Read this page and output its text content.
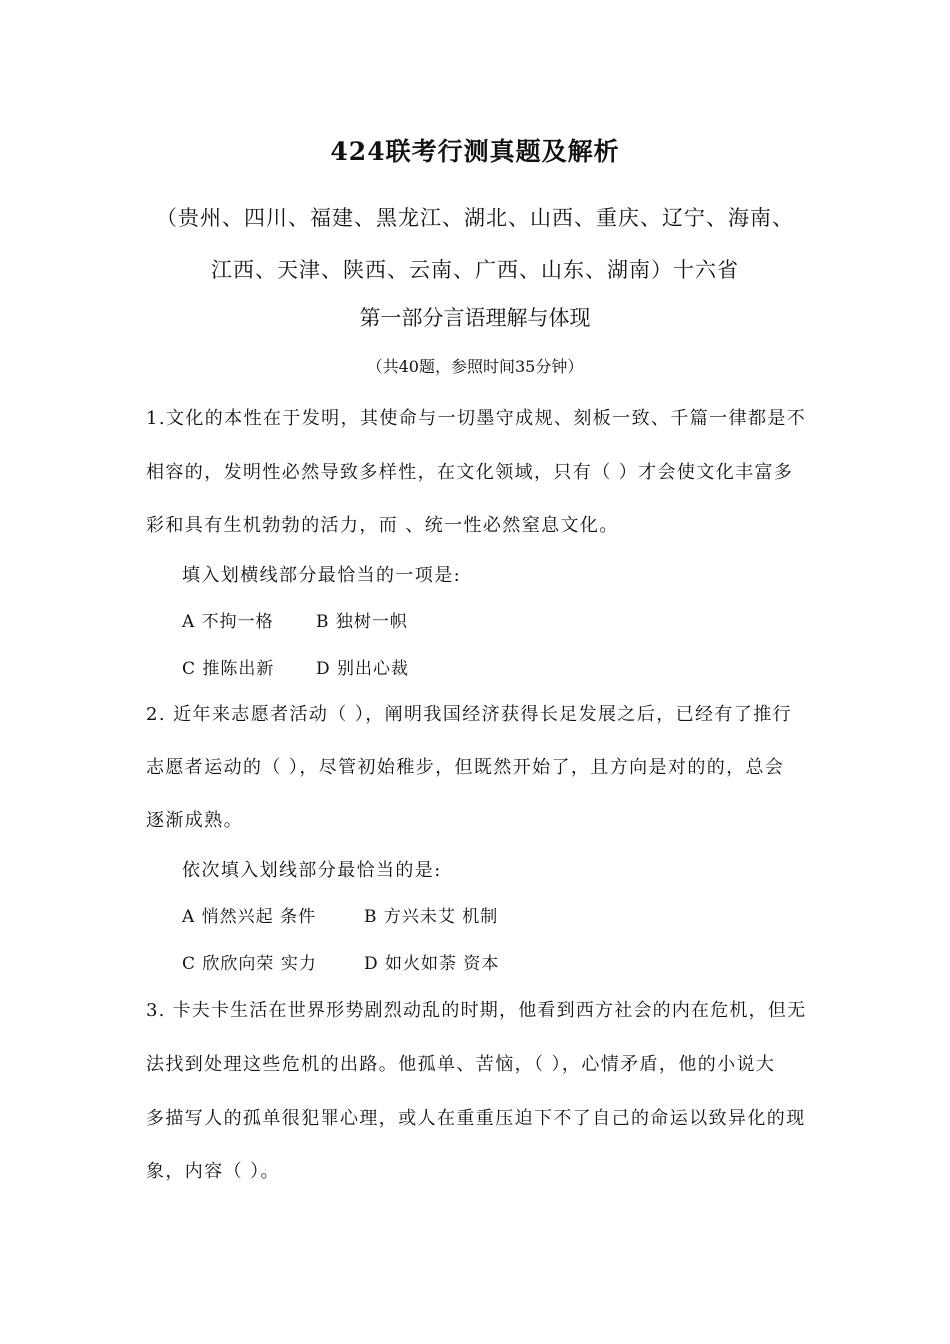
424联考行测真题及解析
（贵州、四川、福建、黑龙江、湖北、山西、重庆、辽宁、海南、
江西、天津、陕西、云南、广西、山东、湖南）十六省
第一部分言语理解与体现
（共40题，参照时间35分钟）
1.文化的本性在于发明，其使命与一切墨守成规、刻板一致、千篇一律都是不
相容的，发明性必然导致多样性，在文化领域，只有（ ）才会使文化丰富多
彩和具有生机勃勃的活力，而 、统一性必然窒息文化。
填入划横线部分最恰当的一项是:
A 不拘一格 B 独树一帜
C 推陈出新 D 别出心裁
2. 近年来志愿者活动（ ），阐明我国经济获得长足发展之后，已经有了推行
志愿者运动的（ ），尽管初始稚步，但既然开始了，且方向是对的的，总会
逐渐成熟。
依次填入划线部分最恰当的是:
A 悄然兴起 条件	B 方兴未艾 机制
C 欣欣向荣 实力	D 如火如荼 资本
3. 卡夫卡生活在世界形势剧烈动乱的时期，他看到西方社会的内在危机，但无
法找到处理这些危机的出路。他孤单、苦恼，（ ），心情矛盾，他的小说大
多描写人的孤单很犯罪心理，或人在重重压迫下不了自己的命运以致异化的现
象，内容（ ）。
